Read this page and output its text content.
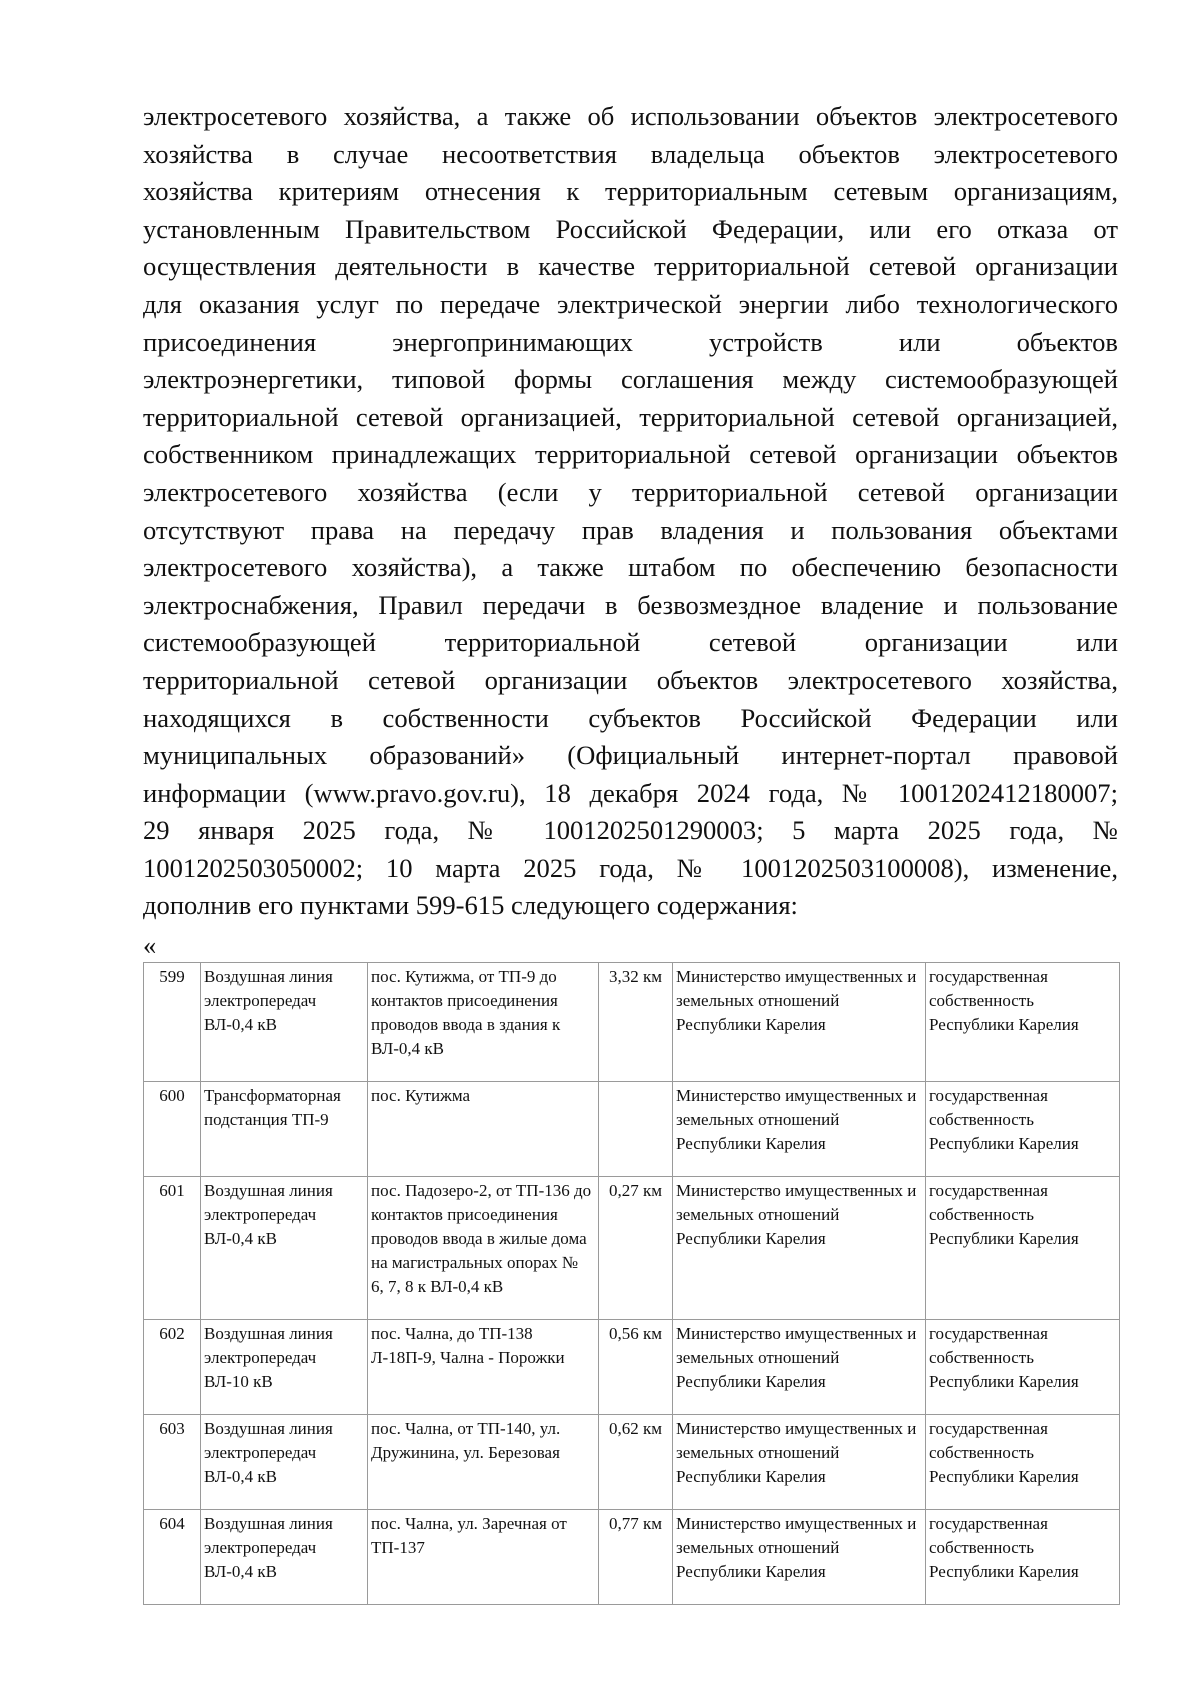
электросетевого хозяйства, а также об использовании объектов электросетевого
хозяйства в случае несоответствия владельца объектов электросетевого
хозяйства критериям отнесения к территориальным сетевым организациям,
установленным Правительством Российской Федерации, или его отказа от
осуществления деятельности в качестве территориальной сетевой организации
для оказания услуг по передаче электрической энергии либо технологического
присоединения энергопринимающих устройств или объектов
электроэнергетики, типовой формы соглашения между системообразующей
территориальной сетевой организацией, территориальной сетевой организацией,
собственником принадлежащих территориальной сетевой организации объектов
электросетевого хозяйства (если у территориальной сетевой организации
отсутствуют права на передачу прав владения и пользования объектами
электросетевого хозяйства), а также штабом по обеспечению безопасности
электроснабжения, Правил передачи в безвозмездное владение и пользование
системообразующей территориальной сетевой организации или
территориальной сетевой организации объектов электросетевого хозяйства,
находящихся в собственности субъектов Российской Федерации или
муниципальных образований» (Официальный интернет-портал правовой
информации (www.pravo.gov.ru), 18 декабря 2024 года, № 1001202412180007;
29 января 2025 года, № 1001202501290003; 5 марта 2025 года, №
1001202503050002; 10 марта 2025 года, № 1001202503100008), изменение,
дополнив его пунктами 599-615 следующего содержания:
«
599	Воздушная линия электропередач ВЛ-0,4 кВ	пос. Кутижма, от ТП-9 до контактов присоединения проводов ввода в здания к ВЛ-0,4 кВ	3,32 км	Министерство имущественных и земельных отношений Республики Карелия	государственная собственность Республики Карелия
600	Трансформаторная подстанция ТП-9	пос. Кутижма		Министерство имущественных и земельных отношений Республики Карелия	государственная собственность Республики Карелия
601	Воздушная линия электропередач ВЛ-0,4 кВ	пос. Падозеро-2, от ТП-136 до контактов присоединения проводов ввода в жилые дома на магистральных опорах № 6, 7, 8 к ВЛ-0,4 кВ	0,27 км	Министерство имущественных и земельных отношений Республики Карелия	государственная собственность Республики Карелия
602	Воздушная линия электропередач ВЛ-10 кВ	пос. Чална, до ТП-138 Л-18П-9, Чална - Порожки	0,56 км	Министерство имущественных и земельных отношений Республики Карелия	государственная собственность Республики Карелия
603	Воздушная линия электропередач ВЛ-0,4 кВ	пос. Чална, от ТП-140, ул. Дружинина, ул. Березовая	0,62 км	Министерство имущественных и земельных отношений Республики Карелия	государственная собственность Республики Карелия
604	Воздушная линия электропередач ВЛ-0,4 кВ	пос. Чална, ул. Заречная от ТП-137	0,77 км	Министерство имущественных и земельных отношений Республики Карелия	государственная собственность Республики Карелия
